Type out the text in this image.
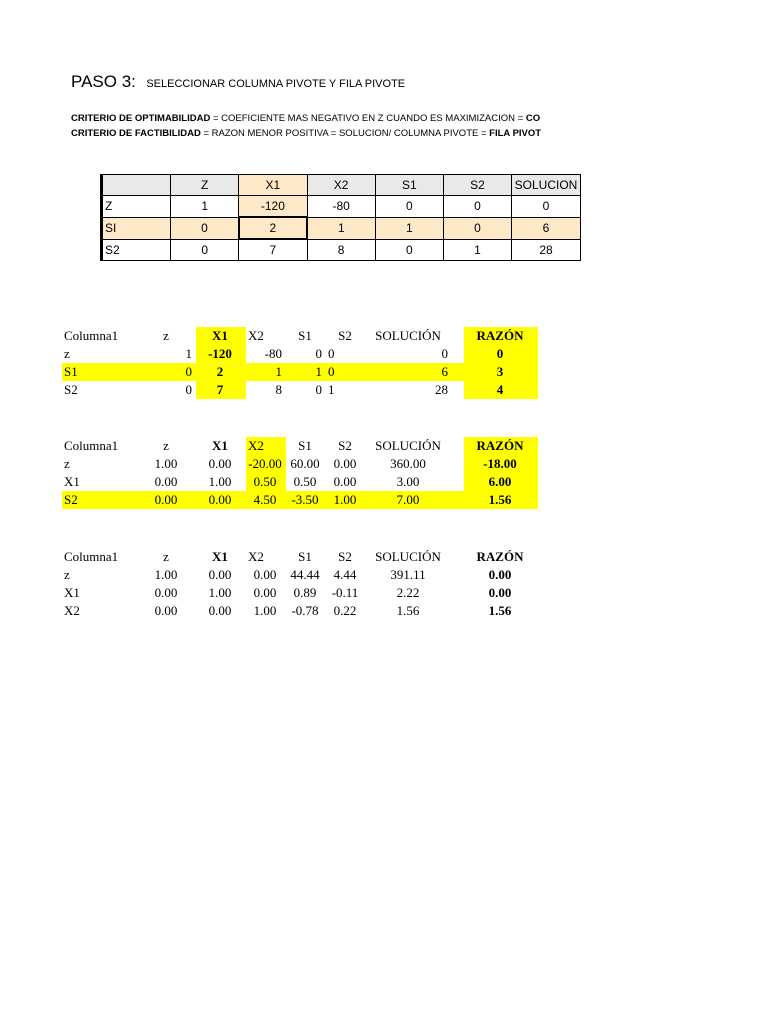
PASO 3: SELECCIONAR COLUMNA PIVOTE Y FILA PIVOTE
CRITERIO DE OPTIMABILIDAD = COEFICIENTE MAS NEGATIVO EN Z CUANDO ES MAXIMIZACION = CO
CRITERIO DE FACTIBILIDAD = RAZON MENOR POSITIVA = SOLUCION/ COLUMNA PIVOTE = FILA PIVOT
	Z	X1	X2	S1	S2	SOLUCION
Z	1	-120	-80	0	0	0
SI	0	2	1	1	0	6
S2	0	7	8	0	1	28
Columna1	z	X1	X2	S1	S2	SOLUCIÓN		RAZÓN
z	1	-120	-80	0	0	0		0
S1	0	2	1	1	0	6		3
S2	0	7	8	0	1	28		4
Columna1	z	X1	X2	S1	S2	SOLUCIÓN		RAZÓN
z	1.00	0.00	-20.00	60.00	0.00	360.00		-18.00
X1	0.00	1.00	0.50	0.50	0.00	3.00		6.00
S2	0.00	0.00	4.50	-3.50	1.00	7.00		1.56
Columna1	z	X1	X2	S1	S2	SOLUCIÓN		RAZÓN
z	1.00	0.00	0.00	44.44	4.44	391.11		0.00
X1	0.00	1.00	0.00	0.89	-0.11	2.22		0.00
X2	0.00	0.00	1.00	-0.78	0.22	1.56		1.56
